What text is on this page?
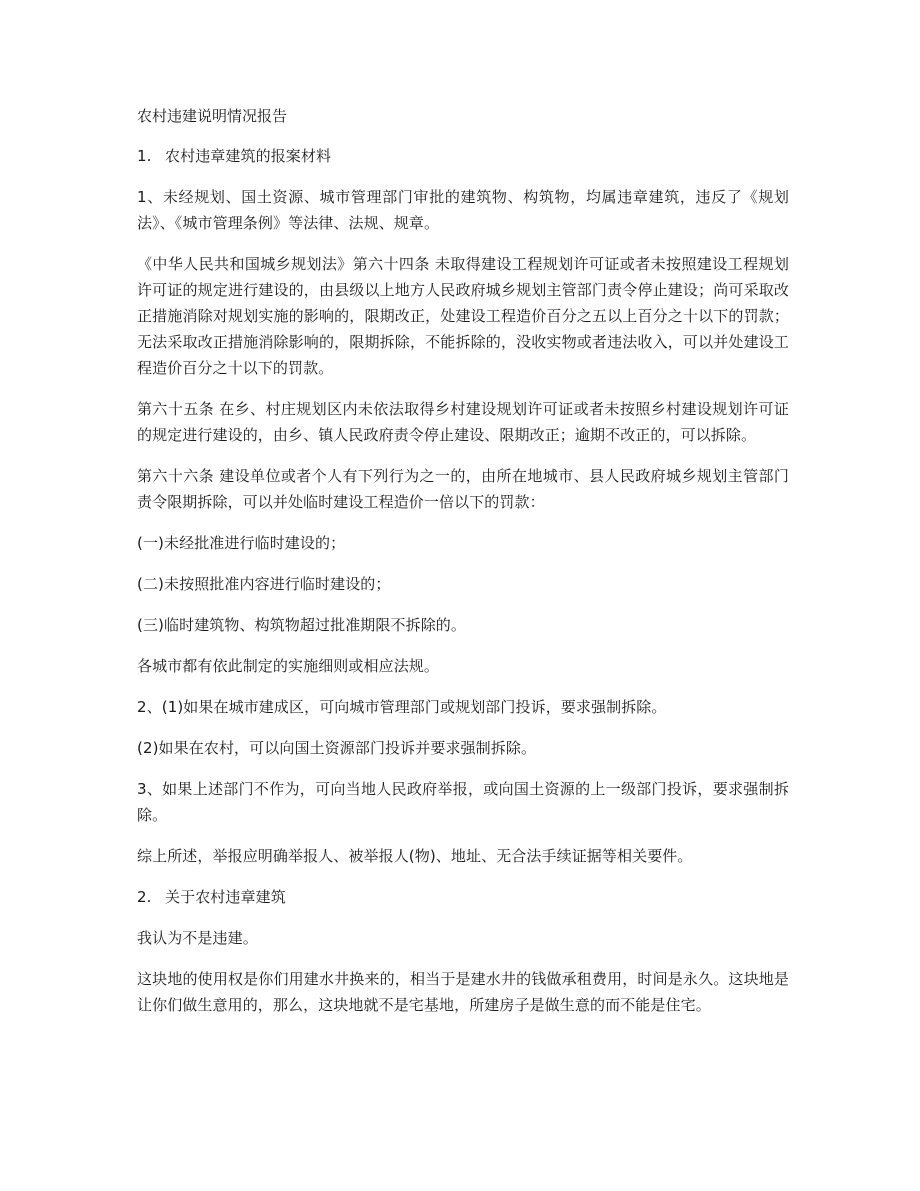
农村违建说明情况报告
1. 农村违章建筑的报案材料
1、未经规划、国土资源、城市管理部门审批的建筑物、构筑物，均属违章建筑，违反了《规划法》、《城市管理条例》等法律、法规、规章。
《中华人民共和国城乡规划法》第六十四条 未取得建设工程规划许可证或者未按照建设工程规划许可证的规定进行建设的，由县级以上地方人民政府城乡规划主管部门责令停止建设；尚可采取改正措施消除对规划实施的影响的，限期改正，处建设工程造价百分之五以上百分之十以下的罚款；无法采取改正措施消除影响的，限期拆除，不能拆除的，没收实物或者违法收入，可以并处建设工程造价百分之十以下的罚款。
第六十五条 在乡、村庄规划区内未依法取得乡村建设规划许可证或者未按照乡村建设规划许可证的规定进行建设的，由乡、镇人民政府责令停止建设、限期改正；逾期不改正的，可以拆除。
第六十六条 建设单位或者个人有下列行为之一的，由所在地城市、县人民政府城乡规划主管部门责令限期拆除，可以并处临时建设工程造价一倍以下的罚款：
(一)未经批准进行临时建设的；
(二)未按照批准内容进行临时建设的；
(三)临时建筑物、构筑物超过批准期限不拆除的。
各城市都有依此制定的实施细则或相应法规。
2、(1)如果在城市建成区，可向城市管理部门或规划部门投诉，要求强制拆除。
(2)如果在农村，可以向国土资源部门投诉并要求强制拆除。
3、如果上述部门不作为，可向当地人民政府举报，或向国土资源的上一级部门投诉，要求强制拆除。
综上所述，举报应明确举报人、被举报人(物)、地址、无合法手续证据等相关要件。
2. 关于农村违章建筑
我认为不是违建。
这块地的使用权是你们用建水井换来的，相当于是建水井的钱做承租费用，时间是永久。这块地是让你们做生意用的，那么，这块地就不是宅基地，所建房子是做生意的而不能是住宅。
